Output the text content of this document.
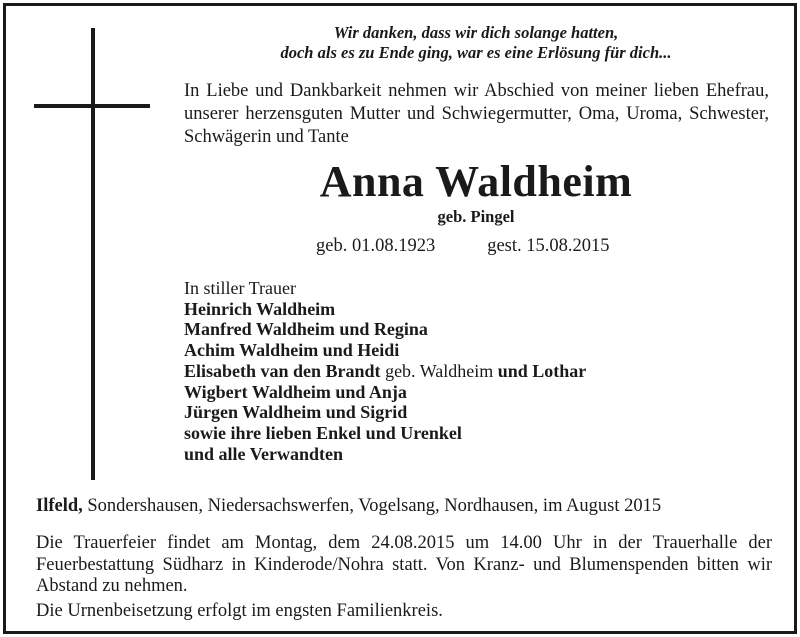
Wir danken, dass wir dich solange hatten,
doch als es zu Ende ging, war es eine Erlösung für dich...
In Liebe und Dankbarkeit nehmen wir Abschied von meiner lieben Ehefrau, unserer herzensguten Mutter und Schwiegermutter, Oma, Uroma, Schwester, Schwägerin und Tante
Anna Waldheim
geb. Pingel
geb. 01.08.1923	gest. 15.08.2015
In stiller Trauer
Heinrich Waldheim
Manfred Waldheim und Regina
Achim Waldheim und Heidi
Elisabeth van den Brandt geb. Waldheim und Lothar
Wigbert Waldheim und Anja
Jürgen Waldheim und Sigrid
sowie ihre lieben Enkel und Urenkel
und alle Verwandten
Ilfeld, Sondershausen, Niedersachswerfen, Vogelsang, Nordhausen, im August 2015
Die Trauerfeier findet am Montag, dem 24.08.2015 um 14.00 Uhr in der Trauerhalle der Feuerbestattung Südharz in Kinderode/Nohra statt. Von Kranz- und Blumenspenden bitten wir Abstand zu nehmen.
Die Urnenbeisetzung erfolgt im engsten Familienkreis.
